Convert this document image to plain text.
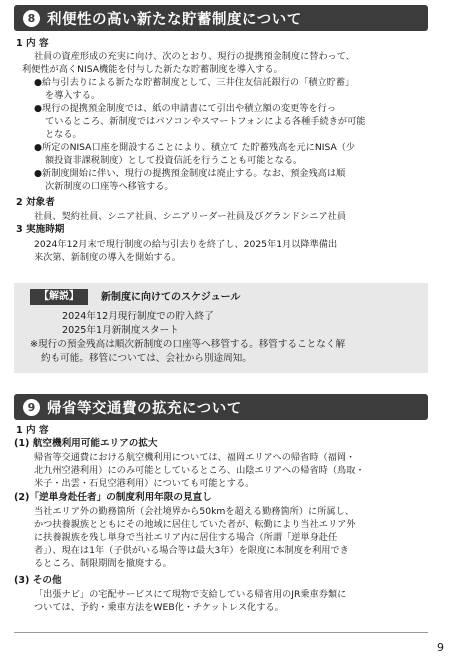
8 利便性の高い新たな貯蓄制度について
1 内 容
社員の資産形成の充実に向け、次のとおり、現行の提携預金制度に替わって、
利便性が高くNISA機能を付与した新たな貯蓄制度を導入する。
●給与引去りによる新たな貯蓄制度として、三井住友信託銀行の「積立貯蓄」
を導入する。
●現行の提携預金制度では、紙の申請書にて引出や積立額の変更等を行っ
ているところ、新制度ではパソコンやスマートフォンによる各種手続きが可能
となる。
●所定のNISA口座を開設することにより、積立て た貯蓄残高を元にNISA（少
額投資非課税制度）として投資信託を行うことも可能となる。
●新制度開始に伴い、現行の提携預金制度は廃止する。なお、預金残高は順
次新制度の口座等へ移管する。
2 対象者
社員、契約社員、シニア社員、シニアリーダー社員及びグランドシニア社員
3 実施時期
2024年12月末で現行制度の給与引去りを終了し、2025年1月以降準備出
来次第、新制度の導入を開始する。
【解説】	新制度に向けてのスケジュール
2024年12月現行制度での貯入終了
2025年1月新制度スタート
※現行の預金残高は順次新制度の口座等へ移管する。移管することなく解
約も可能。移管については、会社から別途周知。
9 帰省等交通費の拡充について
1 内 容
(1) 航空機利用可能エリアの拡大
帰省等交通費における航空機利用については、福岡エリアへの帰省時（福岡・
北九州空港利用）にのみ可能としているところ、山陰エリアへの帰省時（鳥取・
米子・出雲・石見空港利用）についても可能とする。
(2)「逆単身赴任者」の制度利用年限の見直し
当社エリア外の勤務箇所（会社境界から50kmを超える勤務箇所）に所属し、
かつ扶養親族とともにその地域に居住していた者が、転勤により当社エリア外
に扶養親族を残し単身で当社エリア内に居住する場合（所謂「逆単身赴任
者」）、現在は1年（子供がいる場合等は最大3年）を限度に本制度を利用でき
るところ、制限期間を撤廃する。
(3) その他
「出張ナビ」の宅配サービスにて現物で支給している帰省用のJR乗車券類に
ついては、予約・乗車方法をWEB化・チケットレス化する。
9
